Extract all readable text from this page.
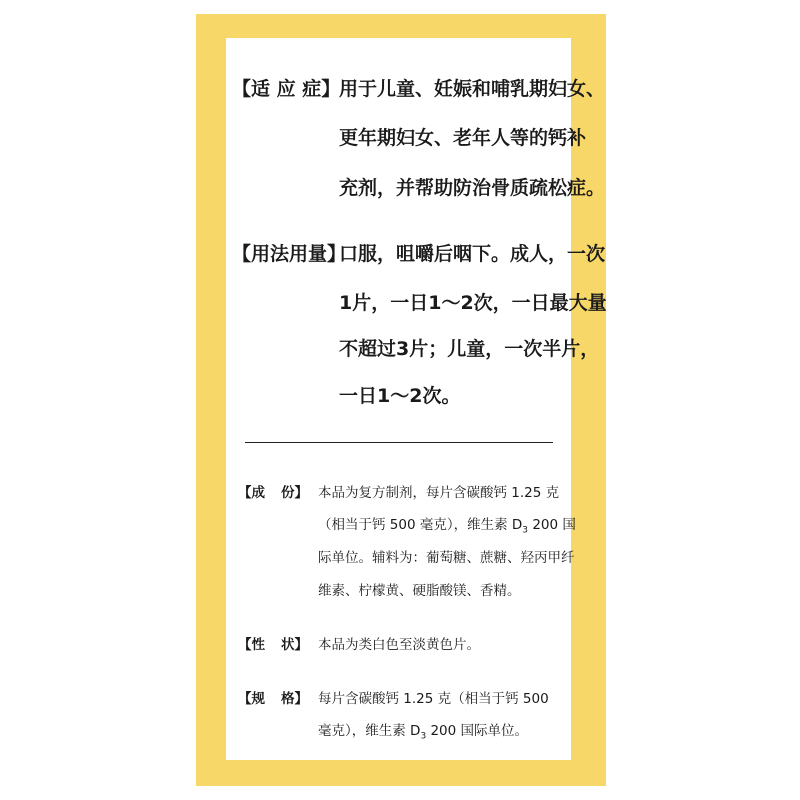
【适 应 症】
用于儿童、妊娠和哺乳期妇女、
更年期妇女、老年人等的钙补
充剂，并帮助防治骨质疏松症。
【用法用量】
口服，咀嚼后咽下。成人，一次
1片，一日1～2次，一日最大量
不超过3片；儿童，一次半片，
一日1～2次。
【成 份】 本品为复方制剂，每片含碳酸钙 1.25 克
（相当于钙 500 毫克），维生素 $D_3$ 200 国
际单位。辅料为：葡萄糖、蔗糖、羟丙甲纤
维素、柠檬黄、硬脂酸镁、香精。
【性 状】 本品为类白色至淡黄色片。
【规 格】 每片含碳酸钙 1.25 克（相当于钙 500
毫克），维生素 $D_3$ 200 国际单位。
